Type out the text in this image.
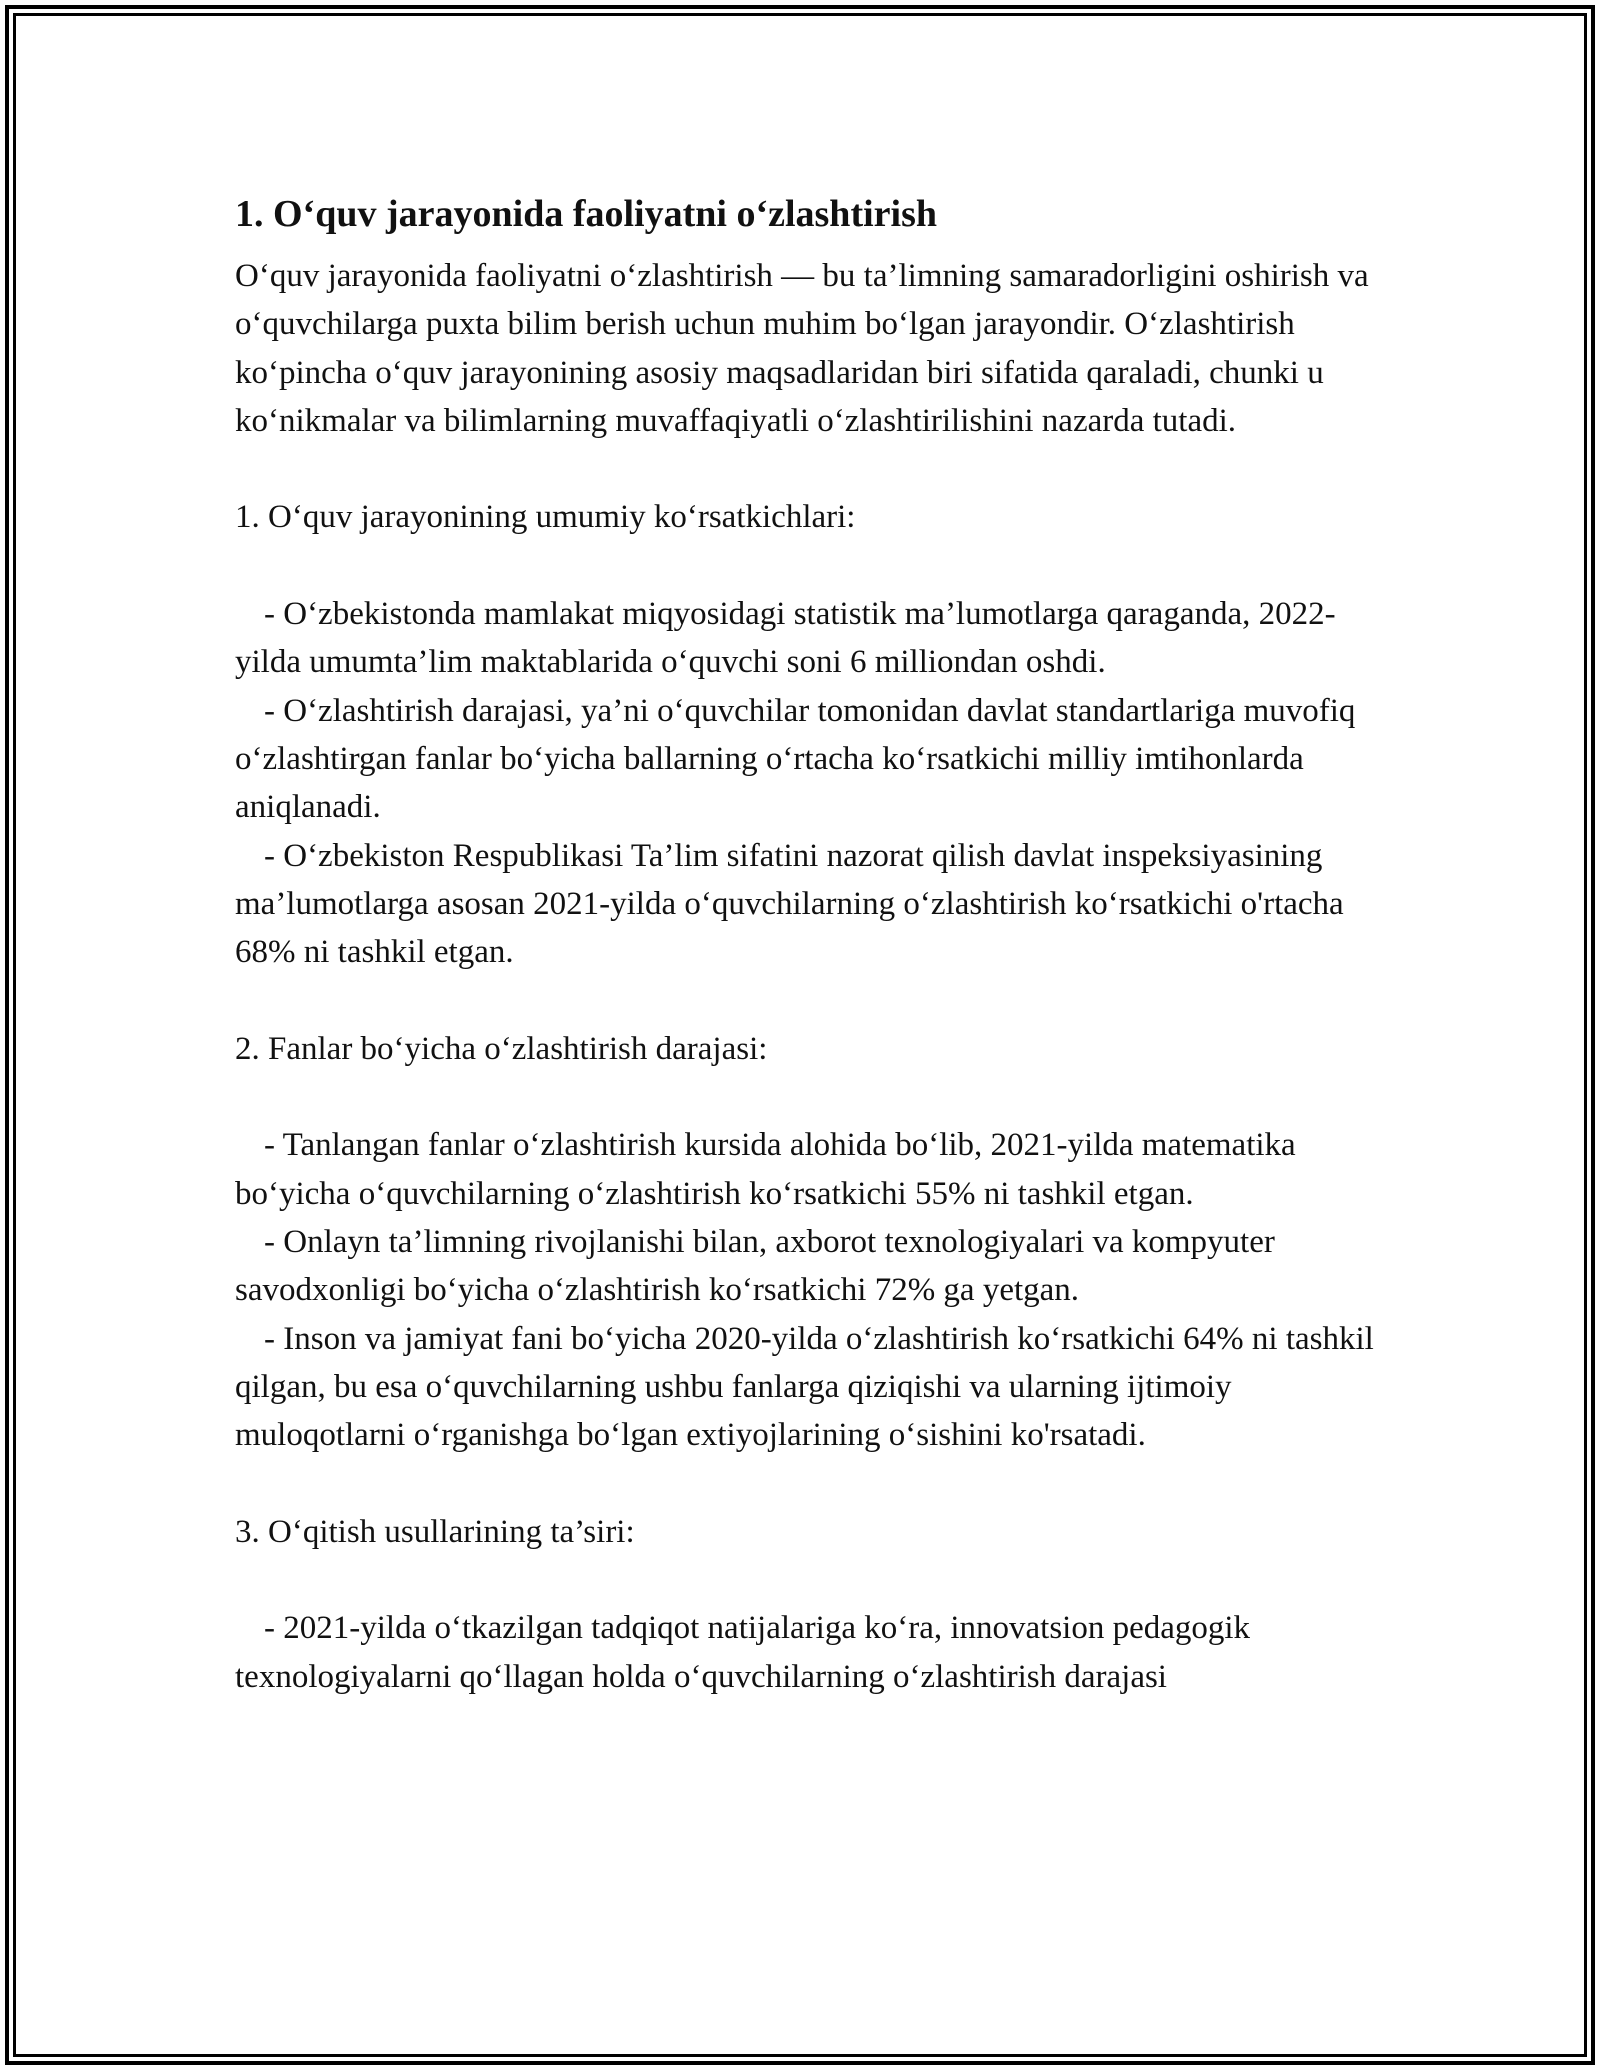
1. O‘quv jarayonida faoliyatni o‘zlashtirish

O‘quv jarayonida faoliyatni o‘zlashtirish — bu ta’limning samaradorligini oshirish va o‘quvchilarga puxta bilim berish uchun muhim bo‘lgan jarayondir. O‘zlashtirish ko‘pincha o‘quv jarayonining asosiy maqsadlaridan biri sifatida qaraladi, chunki u ko‘nikmalar va bilimlarning muvaffaqiyatli o‘zlashtirilishini nazarda tutadi.

1. O‘quv jarayonining umumiy ko‘rsatkichlari:

- O‘zbekistonda mamlakat miqyosidagi statistik ma’lumotlarga qaraganda, 2022-yilda umumta’lim maktablarida o‘quvchi soni 6 milliondan oshdi.

- O‘zlashtirish darajasi, ya’ni o‘quvchilar tomonidan davlat standartlariga muvofiq o‘zlashtirgan fanlar bo‘yicha ballarning o‘rtacha ko‘rsatkichi milliy imtihonlarda aniqlanadi.

- O‘zbekiston Respublikasi Ta’lim sifatini nazorat qilish davlat inspeksiyasining ma’lumotlarga asosan 2021-yilda o‘quvchilarning o‘zlashtirish ko‘rsatkichi o'rtacha 68% ni tashkil etgan.

2. Fanlar bo‘yicha o‘zlashtirish darajasi:

- Tanlangan fanlar o‘zlashtirish kursida alohida bo‘lib, 2021-yilda matematika bo‘yicha o‘quvchilarning o‘zlashtirish ko‘rsatkichi 55% ni tashkil etgan.

- Onlayn ta’limning rivojlanishi bilan, axborot texnologiyalari va kompyuter savodxonligi bo‘yicha o‘zlashtirish ko‘rsatkichi 72% ga yetgan.

- Inson va jamiyat fani bo‘yicha 2020-yilda o‘zlashtirish ko‘rsatkichi 64% ni tashkil qilgan, bu esa o‘quvchilarning ushbu fanlarga qiziqishi va ularning ijtimoiy muloqotlarni o‘rganishga bo‘lgan extiyojlarining o‘sishini ko'rsatadi.

3. O‘qitish usullarining ta’siri:

- 2021-yilda o‘tkazilgan tadqiqot natijalariga ko‘ra, innovatsion pedagogik texnologiyalarni qo‘llagan holda o‘quvchilarning o‘zlashtirish darajasi
